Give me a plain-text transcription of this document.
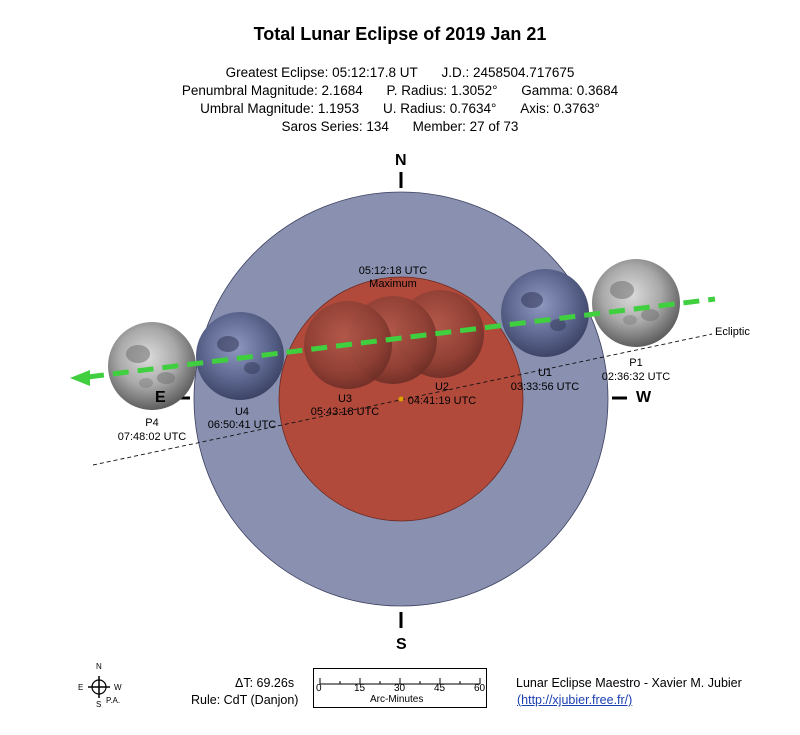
Total Lunar Eclipse of 2019 Jan 21
Greatest Eclipse: 05:12:17.8 UT J.D.: 2458504.717675
Penumbral Magnitude: 2.1684 P. Radius: 1.3052° Gamma: 0.3684
Umbral Magnitude: 1.1953 U. Radius: 0.7634° Axis: 0.3763°
Saros Series: 134 Member: 27 of 73
05:12:18 UTC
Maximum
Ecliptic
P1
02:36:32 UTC
U1
03:33:56 UTC
U2
04:41:19 UTC
U3
05:43:18 UTC
U4
06:50:41 UTC
P4
07:48:02 UTC
N
S
E	W
N
E	W
S P.A.
ΔT: 69.26s
Rule: CdT (Danjon)
0	15	30	45	60
Arc-Minutes
Lunar Eclipse Maestro - Xavier M. Jubier
(http://xjubier.free.fr/)
